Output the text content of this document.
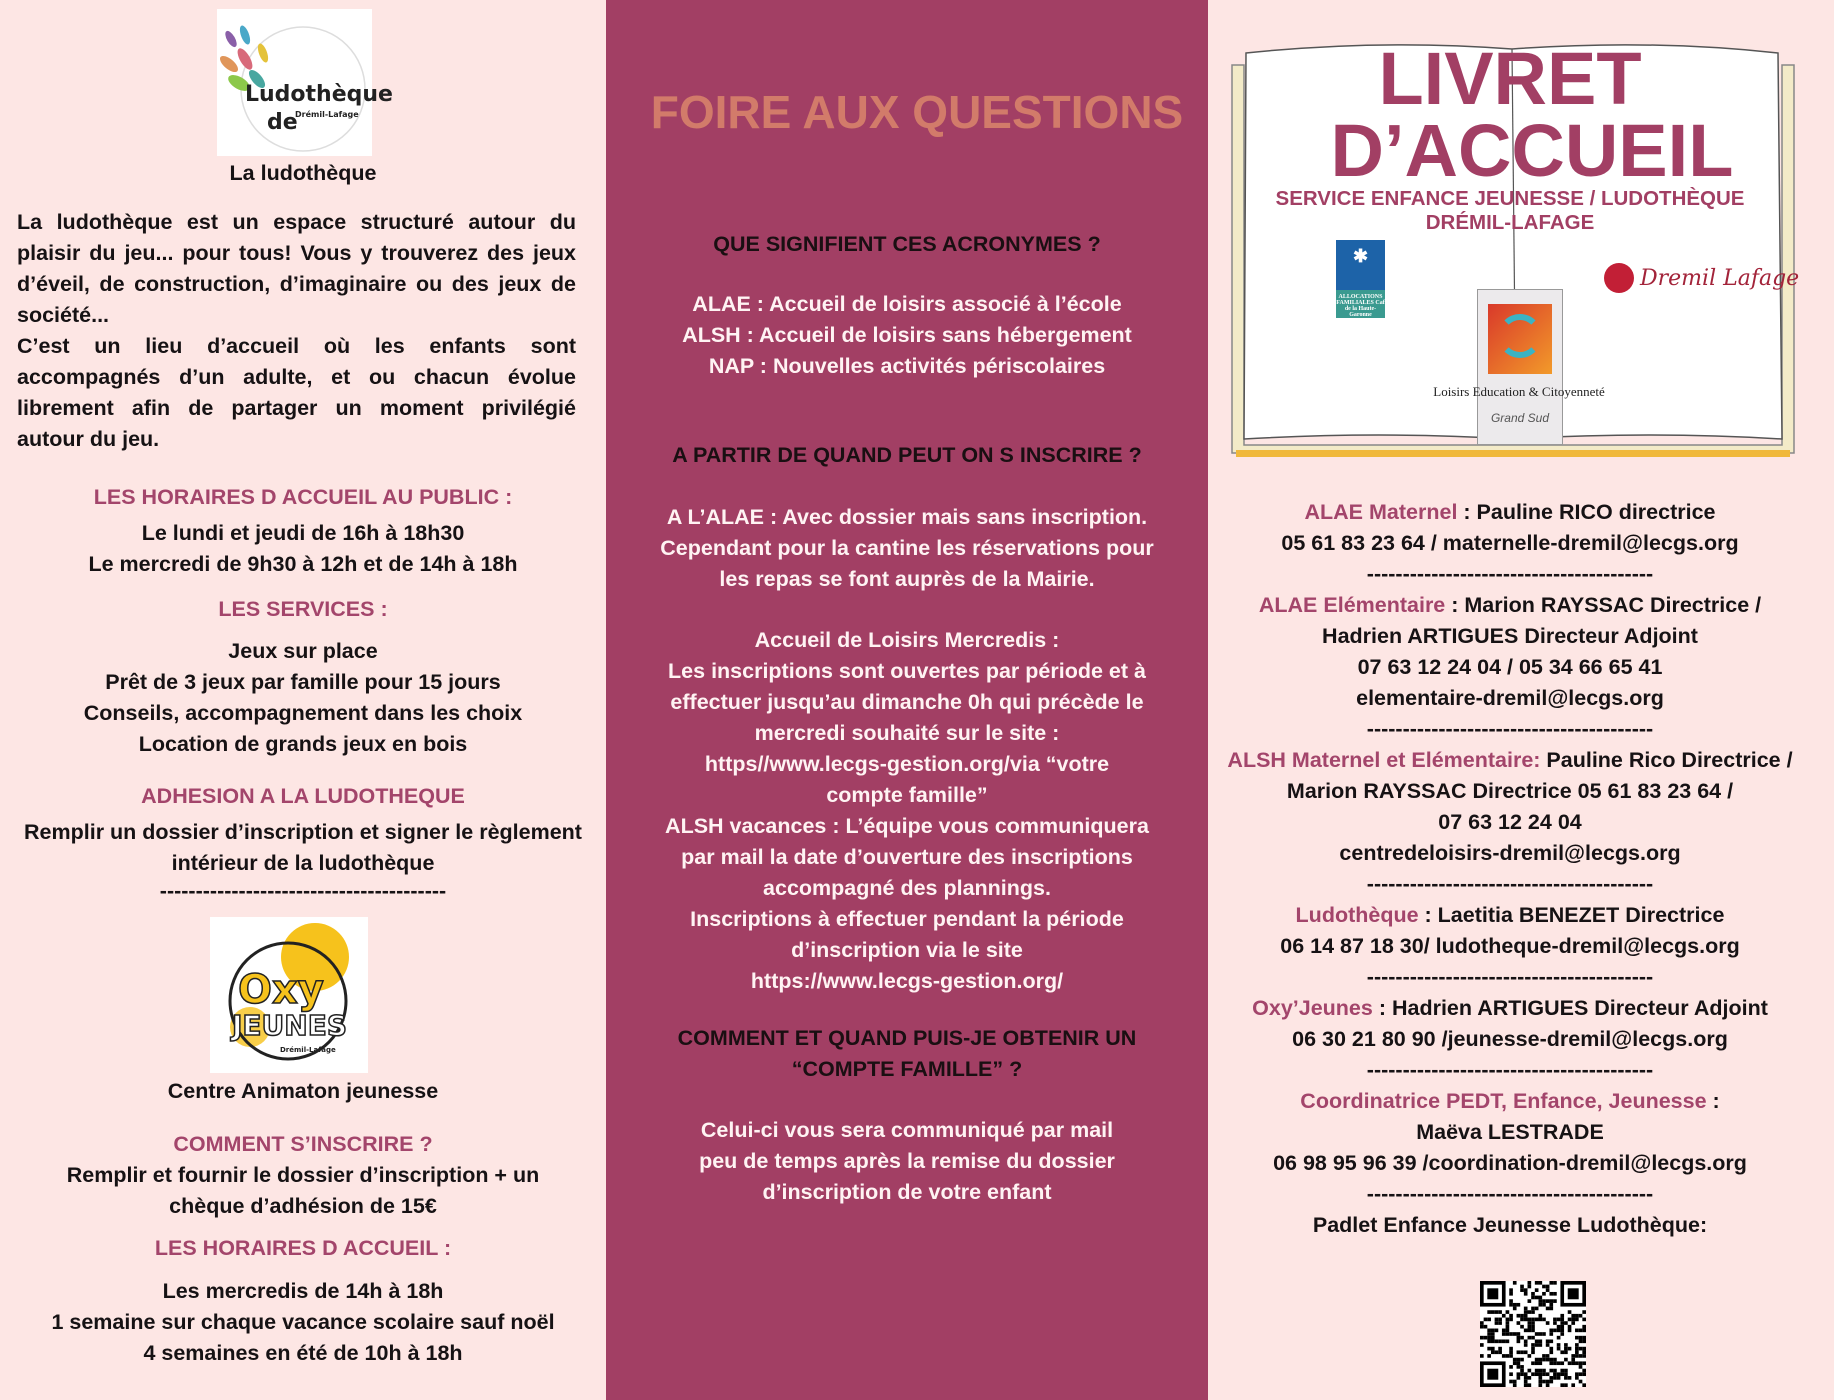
Ludothèque
de
Drémil-Lafage
La ludothèque
La ludothèque est un espace structuré autour du plaisir du jeu... pour tous! Vous y trouverez des jeux d’éveil, de construction, d’imaginaire ou des jeux de société...
C’est un lieu d’accueil où les enfants sont accompagnés d’un adulte, et ou chacun évolue librement afin de partager un moment privilégié autour du jeu.
LES HORAIRES D ACCUEIL AU PUBLIC :
Le lundi et jeudi de 16h à 18h30
Le mercredi de 9h30 à 12h et de 14h à 18h
LES SERVICES :
Jeux sur place
Prêt de 3 jeux par famille pour 15 jours
Conseils, accompagnement dans les choix
Location de grands jeux en bois
ADHESION A LA LUDOTHEQUE
Remplir un dossier d’inscription et signer le règlement
intérieur de la ludothèque
----------------------------------------
Oxy
JEUNES
Drémil-Lafage
Centre Animaton jeunesse
COMMENT S’INSCRIRE ?
Remplir et fournir le dossier d’inscription + un
chèque d’adhésion de 15€
LES HORAIRES D ACCUEIL :
Les mercredis de 14h à 18h
1 semaine sur chaque vacance scolaire sauf noël
4 semaines en été de 10h à 18h
FOIRE AUX QUESTIONS
QUE SIGNIFIENT CES ACRONYMES ?
ALAE : Accueil de loisirs associé à l’école
ALSH : Accueil de loisirs sans hébergement
NAP : Nouvelles activités périscolaires
A PARTIR DE QUAND PEUT ON S INSCRIRE ?
A L’ALAE : Avec dossier mais sans inscription.
Cependant pour la cantine les réservations pour
les repas se font auprès de la Mairie.
Accueil de Loisirs Mercredis :
Les inscriptions sont ouvertes par période et à
effectuer jusqu’au dimanche 0h qui précède le
mercredi souhaité sur le site :
https//www.lecgs-gestion.org/via “votre
compte famille”
ALSH vacances : L’équipe vous communiquera
par mail la date d’ouverture des inscriptions
accompagné des plannings.
Inscriptions à effectuer pendant la période
d’inscription via le site
https://www.lecgs-gestion.org/
COMMENT ET QUAND PUIS-JE OBTENIR UN
“COMPTE FAMILLE” ?
Celui-ci vous sera communiqué par mail
peu de temps après la remise du dossier
d’inscription de votre enfant
LIVRET
D’ACCUEIL
SERVICE ENFANCE JEUNESSE / LUDOTHÈQUE
DRÉMIL-LAFAGE
✱
ALLOCATIONS FAMILIALES Caf de la Haute-Garonne
Dremil Lafage
Loisirs Education & Citoyenneté
Grand Sud
ALAE Maternel : Pauline RICO directrice
05 61 83 23 64 / maternelle-dremil@lecgs.org
----------------------------------------
ALAE Elémentaire : Marion RAYSSAC Directrice /
Hadrien ARTIGUES Directeur Adjoint
07 63 12 24 04 / 05 34 66 65 41
elementaire-dremil@lecgs.org
----------------------------------------
ALSH Maternel et Elémentaire: Pauline Rico Directrice /
Marion RAYSSAC Directrice 05 61 83 23 64 /
07 63 12 24 04
centredeloisirs-dremil@lecgs.org
----------------------------------------
Ludothèque : Laetitia BENEZET Directrice
06 14 87 18 30/ ludotheque-dremil@lecgs.org
----------------------------------------
Oxy’Jeunes : Hadrien ARTIGUES Directeur Adjoint
06 30 21 80 90 /jeunesse-dremil@lecgs.org
----------------------------------------
Coordinatrice PEDT, Enfance, Jeunesse :
Maëva LESTRADE
06 98 95 96 39 /coordination-dremil@lecgs.org
----------------------------------------
Padlet Enfance Jeunesse Ludothèque:
